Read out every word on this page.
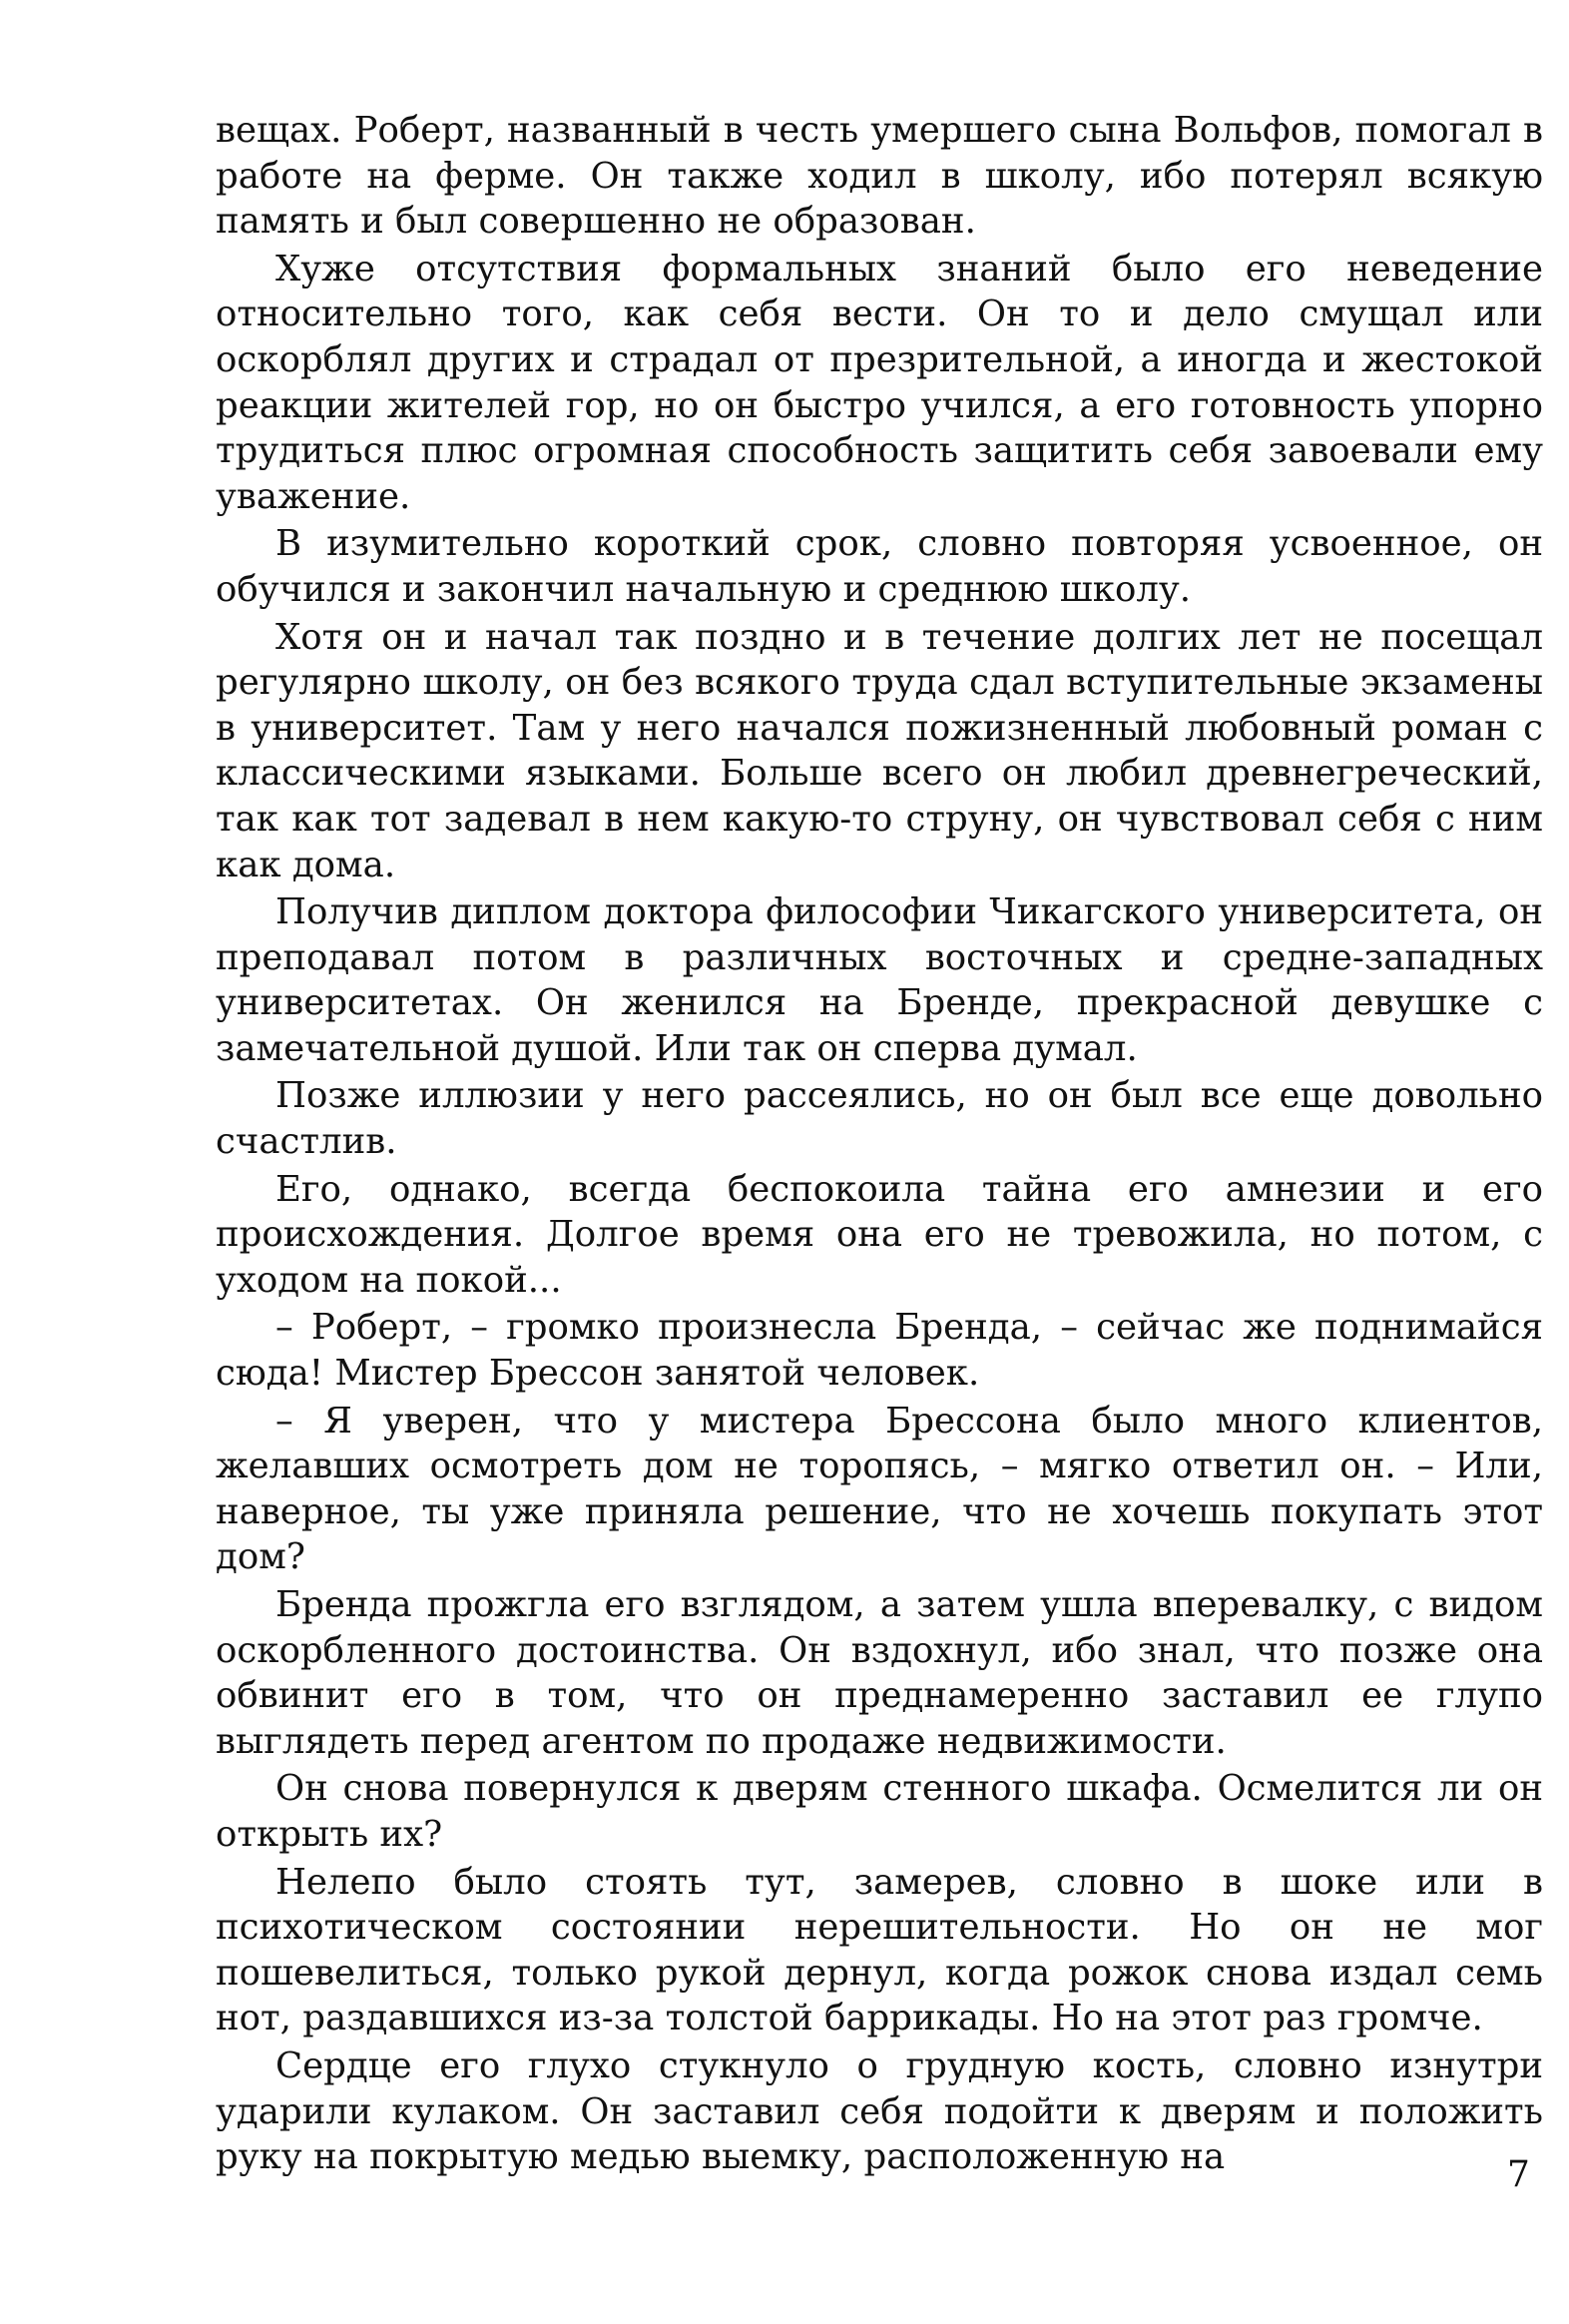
вещах. Роберт, названный в честь умершего сына Вольфов, помогал в работе на ферме. Он также ходил в школу, ибо потерял всякую память и был совершенно не образован.

Хуже отсутствия формальных знаний было его неведение относительно того, как себя вести. Он то и дело смущал или оскорблял других и страдал от презрительной, а иногда и жестокой реакции жителей гор, но он быстро учился, а его готовность упорно трудиться плюс огромная способность защитить себя завоевали ему уважение.

В изумительно короткий срок, словно повторяя усвоенное, он обучился и закончил начальную и среднюю школу.

Хотя он и начал так поздно и в течение долгих лет не посещал регулярно школу, он без всякого труда сдал вступительные экзамены в университет. Там у него начался пожизненный любовный роман с классическими языками. Больше всего он любил древнегреческий, так как тот задевал в нем какую-то струну, он чувствовал себя с ним как дома.

Получив диплом доктора философии Чикагского университета, он преподавал потом в различных восточных и средне-западных университетах. Он женился на Бренде, прекрасной девушке с замечательной душой. Или так он сперва думал.

Позже иллюзии у него рассеялись, но он был все еще довольно счастлив.

Его, однако, всегда беспокоила тайна его амнезии и его происхождения. Долгое время она его не тревожила, но потом, с уходом на покой...

– Роберт, – громко произнесла Бренда, – сейчас же поднимайся сюда! Мистер Брессон занятой человек.

– Я уверен, что у мистера Брессона было много клиентов, желавших осмотреть дом не торопясь, – мягко ответил он. – Или, наверное, ты уже приняла решение, что не хочешь покупать этот дом?

Бренда прожгла его взглядом, а затем ушла вперевалку, с видом оскорбленного достоинства. Он вздохнул, ибо знал, что позже она обвинит его в том, что он преднамеренно заставил ее глупо выглядеть перед агентом по продаже недвижимости.

Он снова повернулся к дверям стенного шкафа. Осмелится ли он открыть их?

Нелепо было стоять тут, замерев, словно в шоке или в психотическом состоянии нерешительности. Но он не мог пошевелиться, только рукой дернул, когда рожок снова издал семь нот, раздавшихся из-за толстой баррикады. Но на этот раз громче.

Сердце его глухо стукнуло о грудную кость, словно изнутри ударили кулаком. Он заставил себя подойти к дверям и положить руку на покрытую медью выемку, расположенную на	7
